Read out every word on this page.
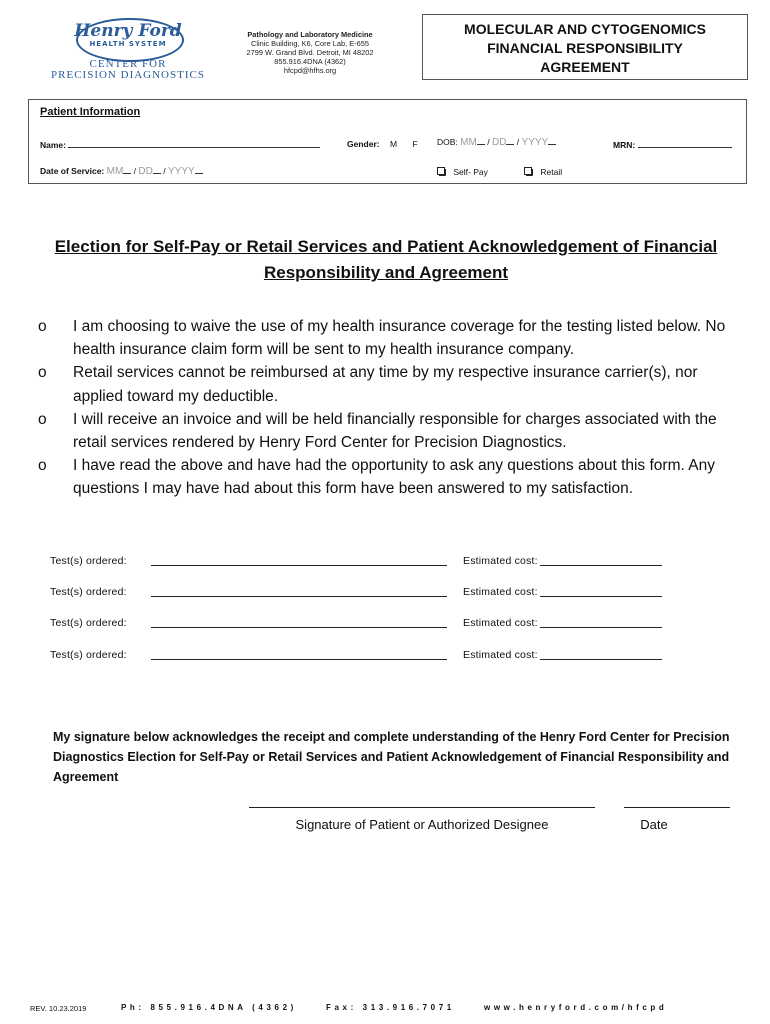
Henry Ford
HEALTH SYSTEM
CENTER FOR
PRECISION DIAGNOSTICS
Pathology and Laboratory Medicine
Clinic Building, K6, Core Lab, E-655
2799 W. Grand Blvd. Detroit, MI 48202
855.916.4DNA (4362)
hfcpd@hfhs.org
MOLECULAR AND CYTOGENOMICS
FINANCIAL RESPONSIBILITY
AGREEMENT
Patient Information
Name:	Gender: M F DOB: MM / DD / YYYY	MRN:
Date of Service: MM / DD / YYYY	Self- Pay	Retail
Election for Self-Pay or Retail Services and Patient Acknowledgement of Financial
Responsibility and Agreement
o	I am choosing to waive the use of my health insurance coverage for the testing listed below. No health insurance claim form will be sent to my health insurance company.
o	Retail services cannot be reimbursed at any time by my respective insurance carrier(s), nor applied toward my deductible.
o	I will receive an invoice and will be held financially responsible for charges associated with the retail services rendered by Henry Ford Center for Precision Diagnostics.
o	I have read the above and have had the opportunity to ask any questions about this form. Any questions I may have had about this form have been answered to my satisfaction.
Test(s) ordered:	Estimated cost:
Test(s) ordered:	Estimated cost:
Test(s) ordered:	Estimated cost:
Test(s) ordered:	Estimated cost:
My signature below acknowledges the receipt and complete understanding of the Henry Ford Center for Precision Diagnostics Election for Self-Pay or Retail Services and Patient Acknowledgement of Financial Responsibility and Agreement
Signature of Patient or Authorized Designee	Date
REV. 10.23.2019	Ph: 855.916.4DNA (4362)	Fax: 313.916.7071	www.henryford.com/hfcpd
